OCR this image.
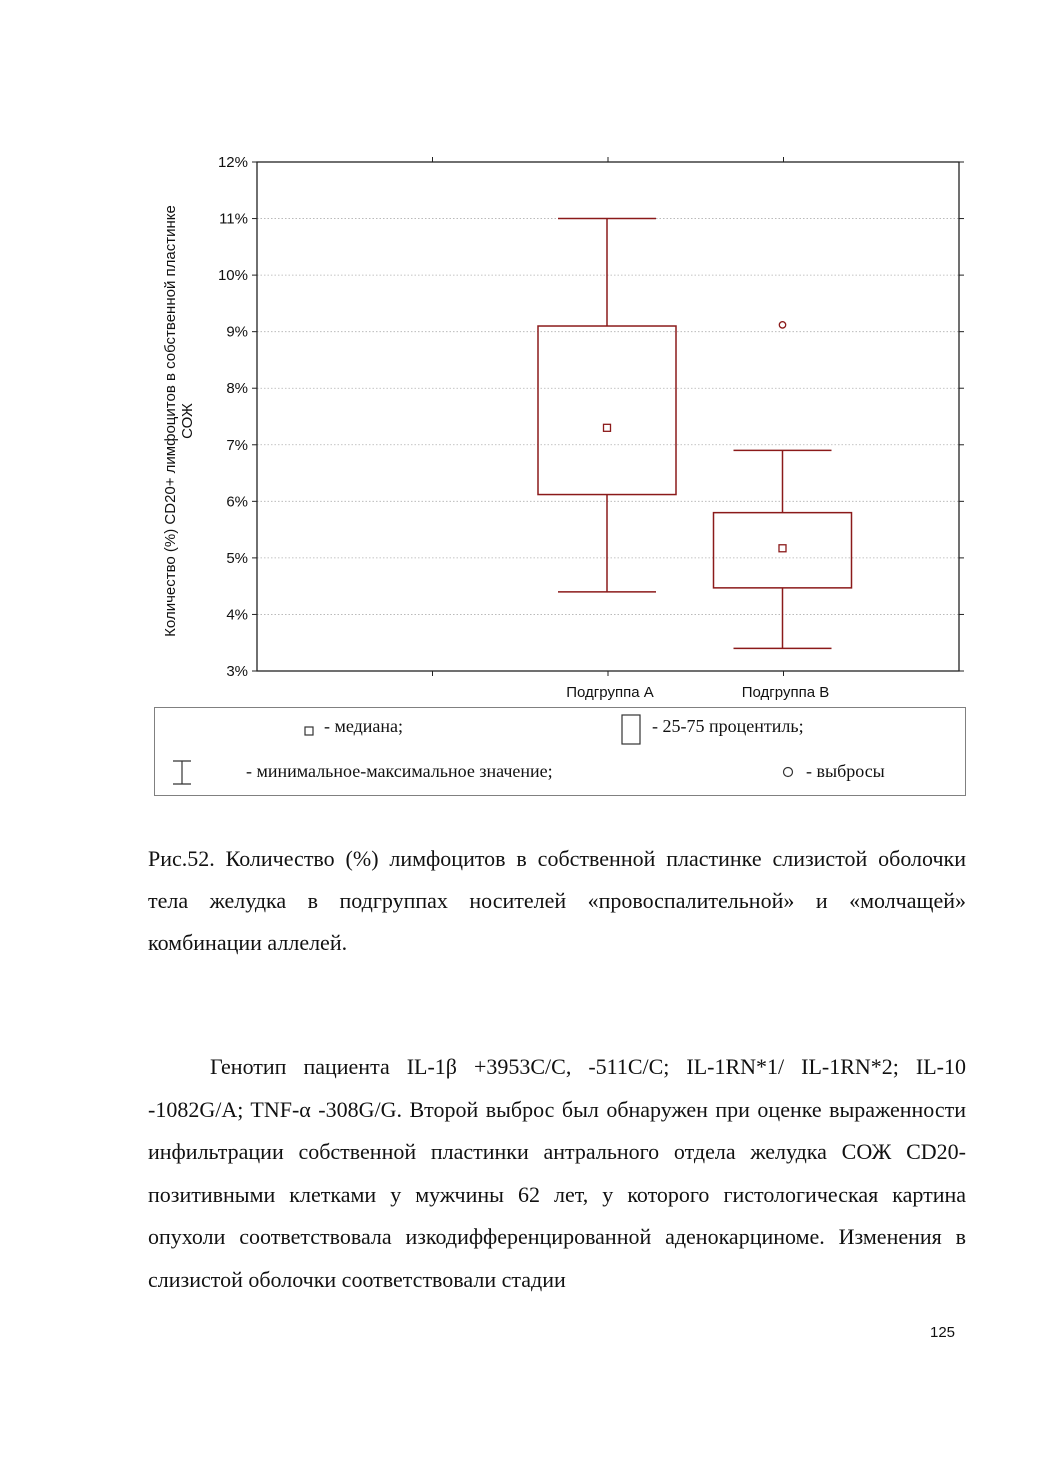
3%
4%
5%
6%
7%
8%
9%
10%
11%
12%
Подгруппа A	Подгруппа B
Количество (%) CD20+ лимфоцитов в собственной пластинке СОЖ
- медиана;	- 25-75 процентиль;
- минимальное-максимальное значение;	- выбросы

Рис.52. Количество (%) лимфоцитов в собственной пластинке слизистой оболочки тела желудка в подгруппах носителей «провоспалительной» и «молчащей» комбинации аллелей.

Генотип пациента IL-1β +3953C/C, -511C/C; IL-1RN*1/ IL-1RN*2; IL-10 -1082G/A; TNF-α -308G/G. Второй выброс был обнаружен при оценке выраженности инфильтрации собственной пластинки антрального отдела желудка СОЖ CD20-позитивными клетками у мужчины 62 лет, у которого гистологическая картина опухоли соответствовала изкодифференцированной аденокарциноме. Изменения в слизистой оболочки соответствовали стадии

125
